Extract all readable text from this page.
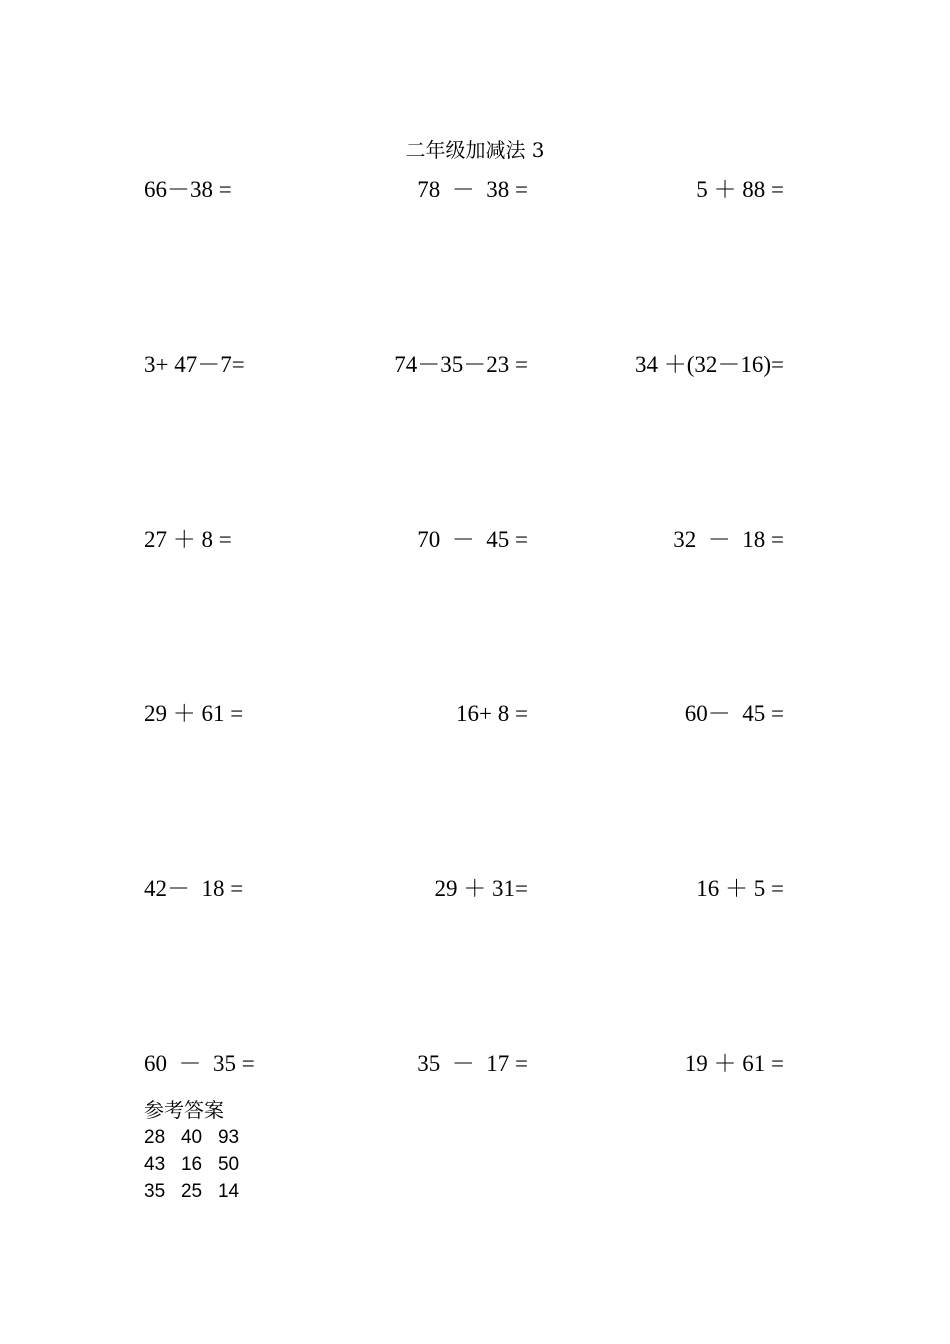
二年级加减法 3
66－38 =	78  －  38 =	5 ＋ 88 =
3+ 47－7=	74－35－23 =	34 ＋(32－16)=
27 ＋ 8 =	70  －  45 =	32  －  18 =
29 ＋ 61 =	16+ 8 =	60－  45 =
42－  18 =	29 ＋ 31=	16 ＋ 5 =
60  －  35 =	35  －  17 =	19 ＋ 61 =
参考答案
28   40   93
43   16   50
35   25   14
